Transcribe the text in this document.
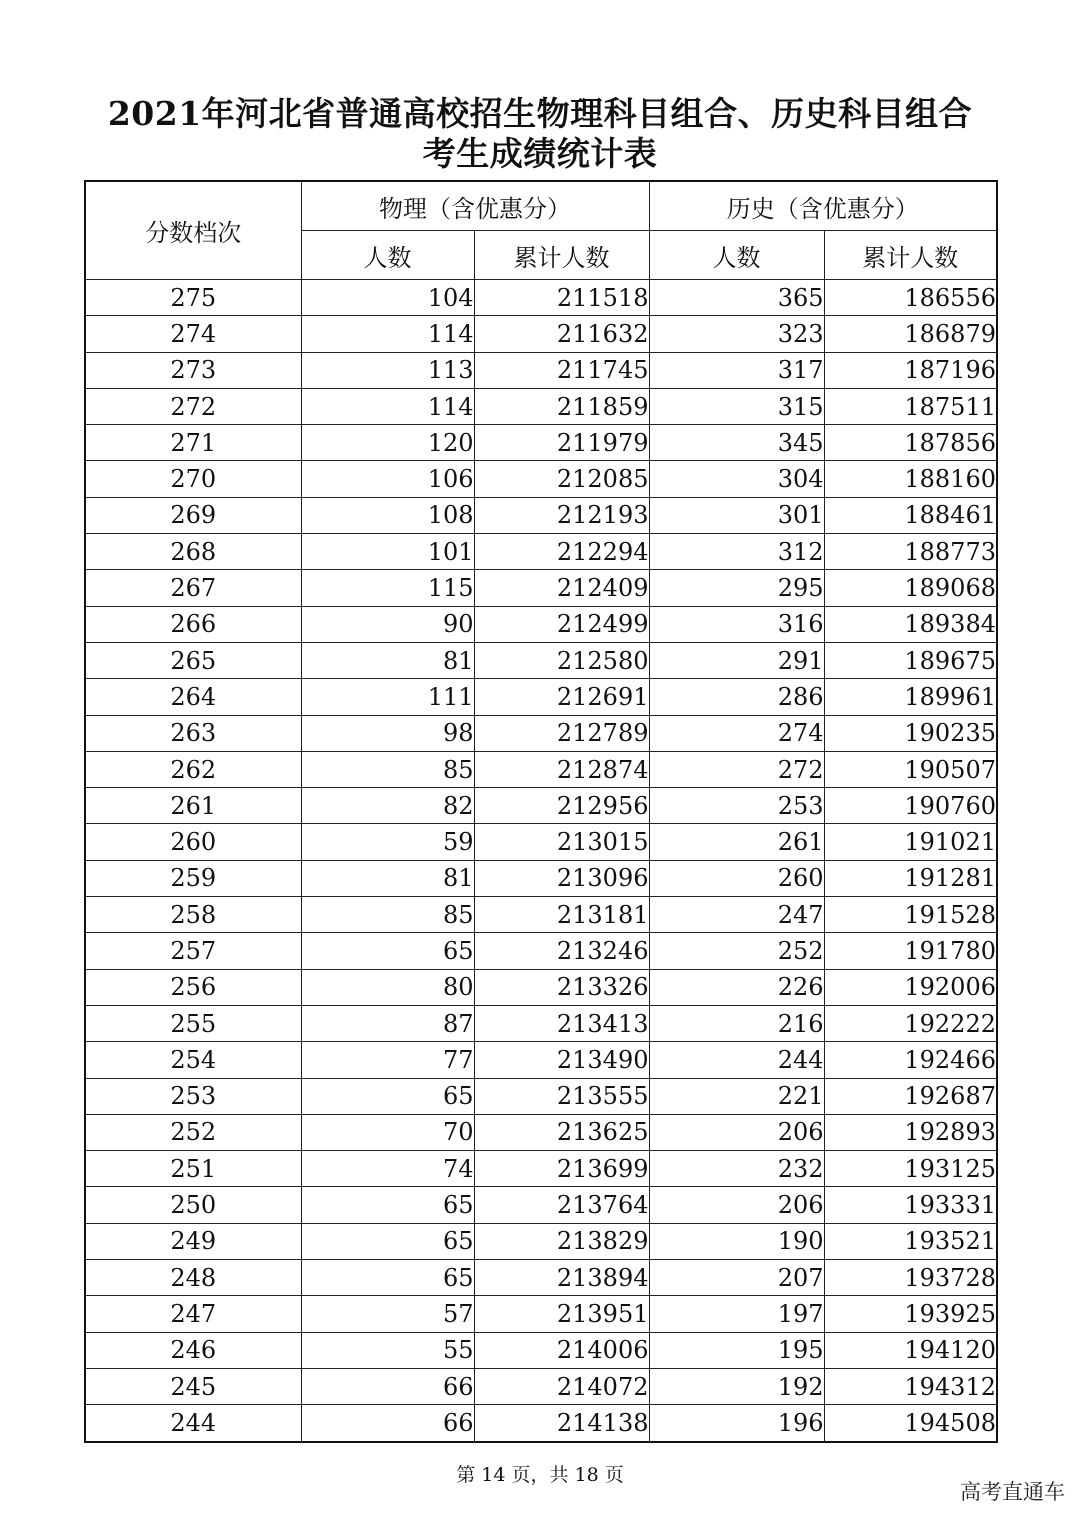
2021年河北省普通高校招生物理科目组合、历史科目组合
考生成绩统计表
分数档次	物理（含优惠分）		历史（含优惠分）	
	人数	累计人数	人数	累计人数
275	104	211518	365	186556
274	114	211632	323	186879
273	113	211745	317	187196
272	114	211859	315	187511
271	120	211979	345	187856
270	106	212085	304	188160
269	108	212193	301	188461
268	101	212294	312	188773
267	115	212409	295	189068
266	90	212499	316	189384
265	81	212580	291	189675
264	111	212691	286	189961
263	98	212789	274	190235
262	85	212874	272	190507
261	82	212956	253	190760
260	59	213015	261	191021
259	81	213096	260	191281
258	85	213181	247	191528
257	65	213246	252	191780
256	80	213326	226	192006
255	87	213413	216	192222
254	77	213490	244	192466
253	65	213555	221	192687
252	70	213625	206	192893
251	74	213699	232	193125
250	65	213764	206	193331
249	65	213829	190	193521
248	65	213894	207	193728
247	57	213951	197	193925
246	55	214006	195	194120
245	66	214072	192	194312
244	66	214138	196	194508
第 14 页，共 18 页
高考直通车
